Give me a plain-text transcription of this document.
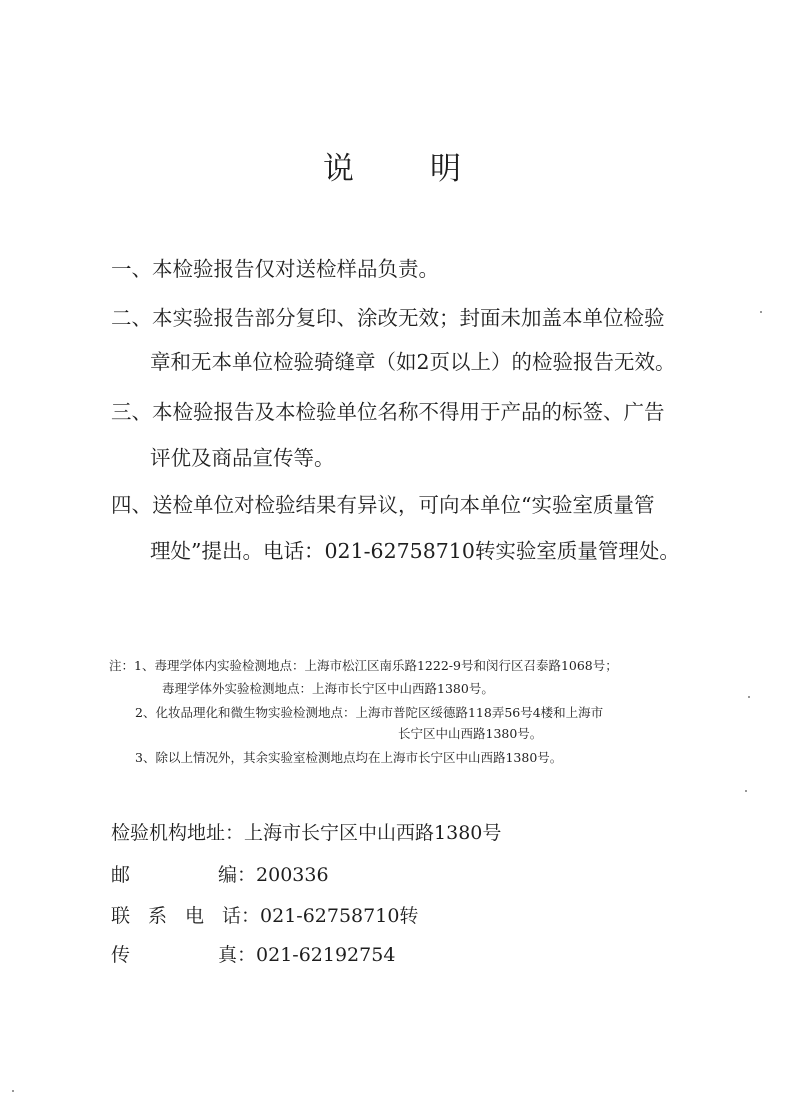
说 明
一、本检验报告仅对送检样品负责。
二、本实验报告部分复印、涂改无效；封面未加盖本单位检验
章和无本单位检验骑缝章（如2页以上）的检验报告无效。
三、本检验报告及本检验单位名称不得用于产品的标签、广告
评优及商品宣传等。
四、送检单位对检验结果有异议，可向本单位“实验室质量管
理处”提出。电话：021-62758710转实验室质量管理处。
注：1、毒理学体内实验检测地点：上海市松江区南乐路1222-9号和闵行区召泰路1068号；
毒理学体外实验检测地点：上海市长宁区中山西路1380号。
2、化妆品理化和微生物实验检测地点：上海市普陀区绥德路118弄56号4楼和上海市
长宁区中山西路1380号。
3、除以上情况外，其余实验室检测地点均在上海市长宁区中山西路1380号。
检验机构地址：上海市长宁区中山西路1380号
邮	编：200336
联系电话：021-62758710转
传	真：021-62192754
